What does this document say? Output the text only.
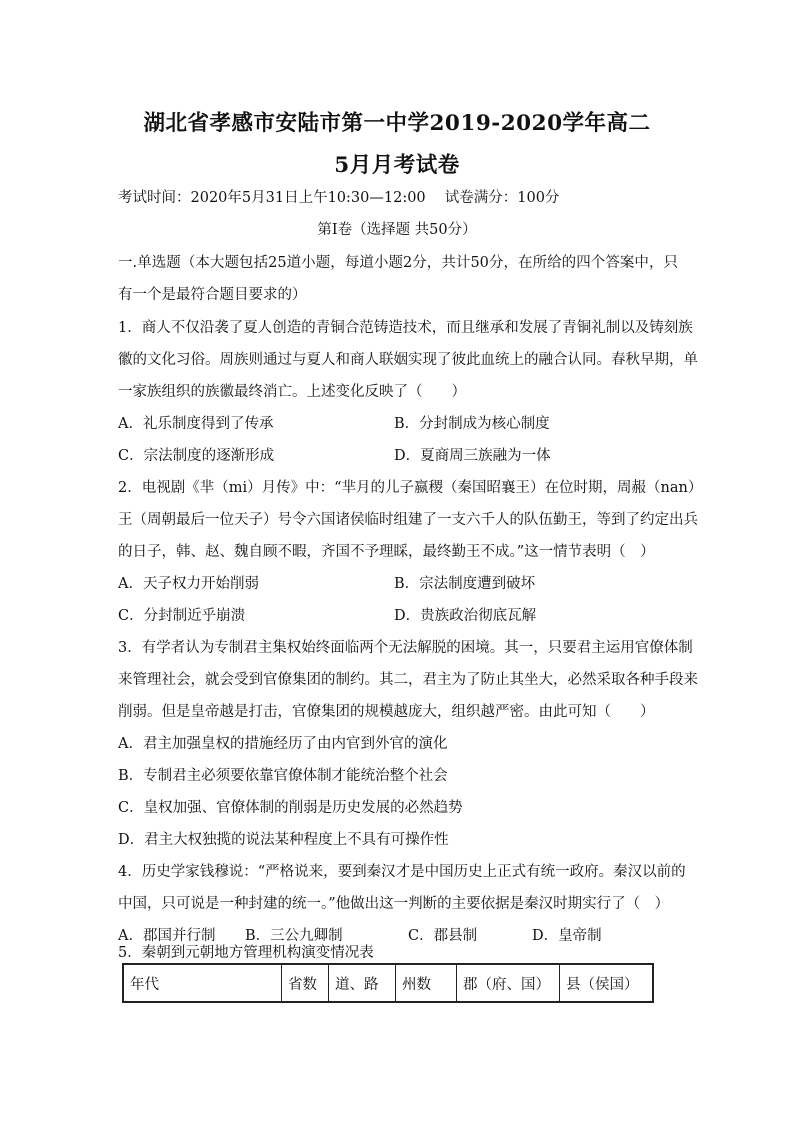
湖北省孝感市安陆市第一中学2019-2020学年高二
5月月考试卷
考试时间：2020年5月31日上午10:30—12:00　 试卷满分：100分
第Ⅰ卷（选择题 共50分）
一.单选题（本大题包括25道小题，每道小题2分，共计50分，在所给的四个答案中，只
有一个是最符合题目要求的）
1．商人不仅沿袭了夏人创造的青铜合范铸造技术，而且继承和发展了青铜礼制以及铸刻族
徽的文化习俗。周族则通过与夏人和商人联姻实现了彼此血统上的融合认同。春秋早期，单
一家族组织的族徽最终消亡。上述变化反映了（　　）
A．礼乐制度得到了传承	B．分封制成为核心制度
C．宗法制度的逐渐形成	D．夏商周三族融为一体
2．电视剧《芈（mi）月传》中：“芈月的儿子嬴稷（秦国昭襄王）在位时期，周赧（nan）
王（周朝最后一位天子）号令六国诸侯临时组建了一支六千人的队伍勤王，等到了约定出兵
的日子，韩、赵、魏自顾不暇，齐国不予理睬，最终勤王不成。”这一情节表明（　）
A．天子权力开始削弱	B．宗法制度遭到破坏
C．分封制近乎崩溃	D．贵族政治彻底瓦解
3．有学者认为专制君主集权始终面临两个无法解脱的困境。其一，只要君主运用官僚体制
来管理社会，就会受到官僚集团的制约。其二，君主为了防止其坐大，必然采取各种手段来
削弱。但是皇帝越是打击，官僚集团的规模越庞大，组织越严密。由此可知（　　）
A．君主加强皇权的措施经历了由内官到外官的演化
B．专制君主必须要依靠官僚体制才能统治整个社会
C．皇权加强、官僚体制的削弱是历史发展的必然趋势
D．君主大权独揽的说法某种程度上不具有可操作性
4．历史学家钱穆说：“严格说来，要到秦汉才是中国历史上正式有统一政府。秦汉以前的
中国，只可说是一种封建的统一。”他做出这一判断的主要依据是秦汉时期实行了（　）
A．郡国并行制 B．三公九卿制	C．郡县制	D．皇帝制
5．秦朝到元朝地方管理机构演变情况表
年代	省数	道、路	州数	郡（府、国）	县（侯国）
